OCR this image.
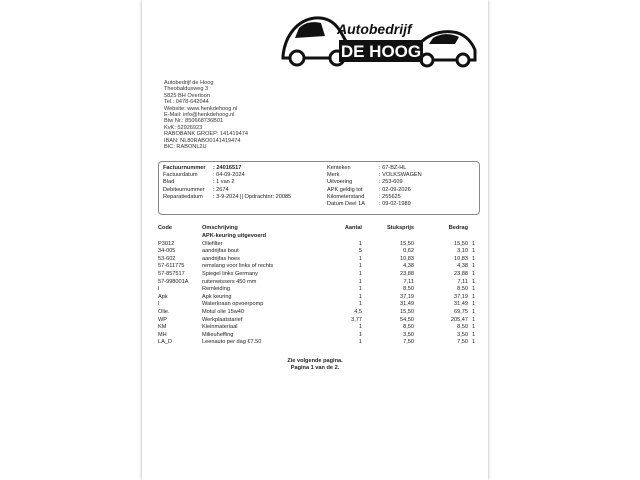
Autobedrijf
DE HOOG
Autobedrijf de Hoog
Theobaldusweg 3
5825 BH Overloon
Tel.: 0478-642044
Website: www.henkdehoog.nl
E-Mail: info@henkdehoog.nl
Btw Nr.: 850668736B01
KvK: 52926923
RABOBANK GROEP: 141419474
IBAN: NL80RABO0141419474
BIC: RABONL2U
Factuurnummer : 24016517
Factuurdatum	: 04-09-2024
Blad	: 1 van 2
Debiteurnummer : 2674
Reparatiedatum : 3-9-2024 || Opdrachtnr: 20085
Kenteken	: 67-BZ-HL
Merk	: VOLKSWAGEN
Uitvoering	: 253-609
APK geldig tot	: 02-09-2026
Kilometerstand	: 255625
Datum Deel 1A	: 09-02-1989
Code	Omschrijving	Aantal	Stuksprijs	Bedrag
APK-keuring uitgevoerd
P3012	Oliefilter	1	15,50	15,50 1
34-005	aandrijfas bout	5	0,62	3,10 1
53-602	aandrijfas hoes	1	10,83	10,83 1
57-611775	remslang voor links of rechts	1	4,38	4,38 1
57-857517	Spiegel links Germany	1	23,88	23,88 1
57-998001A ruitenwissers 450 mm	1	7,11	7,11 1
I	Remleiding	1	8,50	8,50 1
Apk	Apk keuring	1	37,19	37,19 1
I	Waterkraan opvoerpomp	1	31,49	31,49 1
Olie.	Motul olie 15w40	4,5	15,50	69,75 1
WP	Werkplaatstarief	3,77	54,50	205,47 1
KM	Kleinmateriaal	1	8,50	8,50 1
MH	Milieuheffing	1	3,50	3,50 1
LA_D	Leenauto per dag €7.50	1	7,50	7,50 1
Zie volgende pagina.
Pagina 1 van de 2.
